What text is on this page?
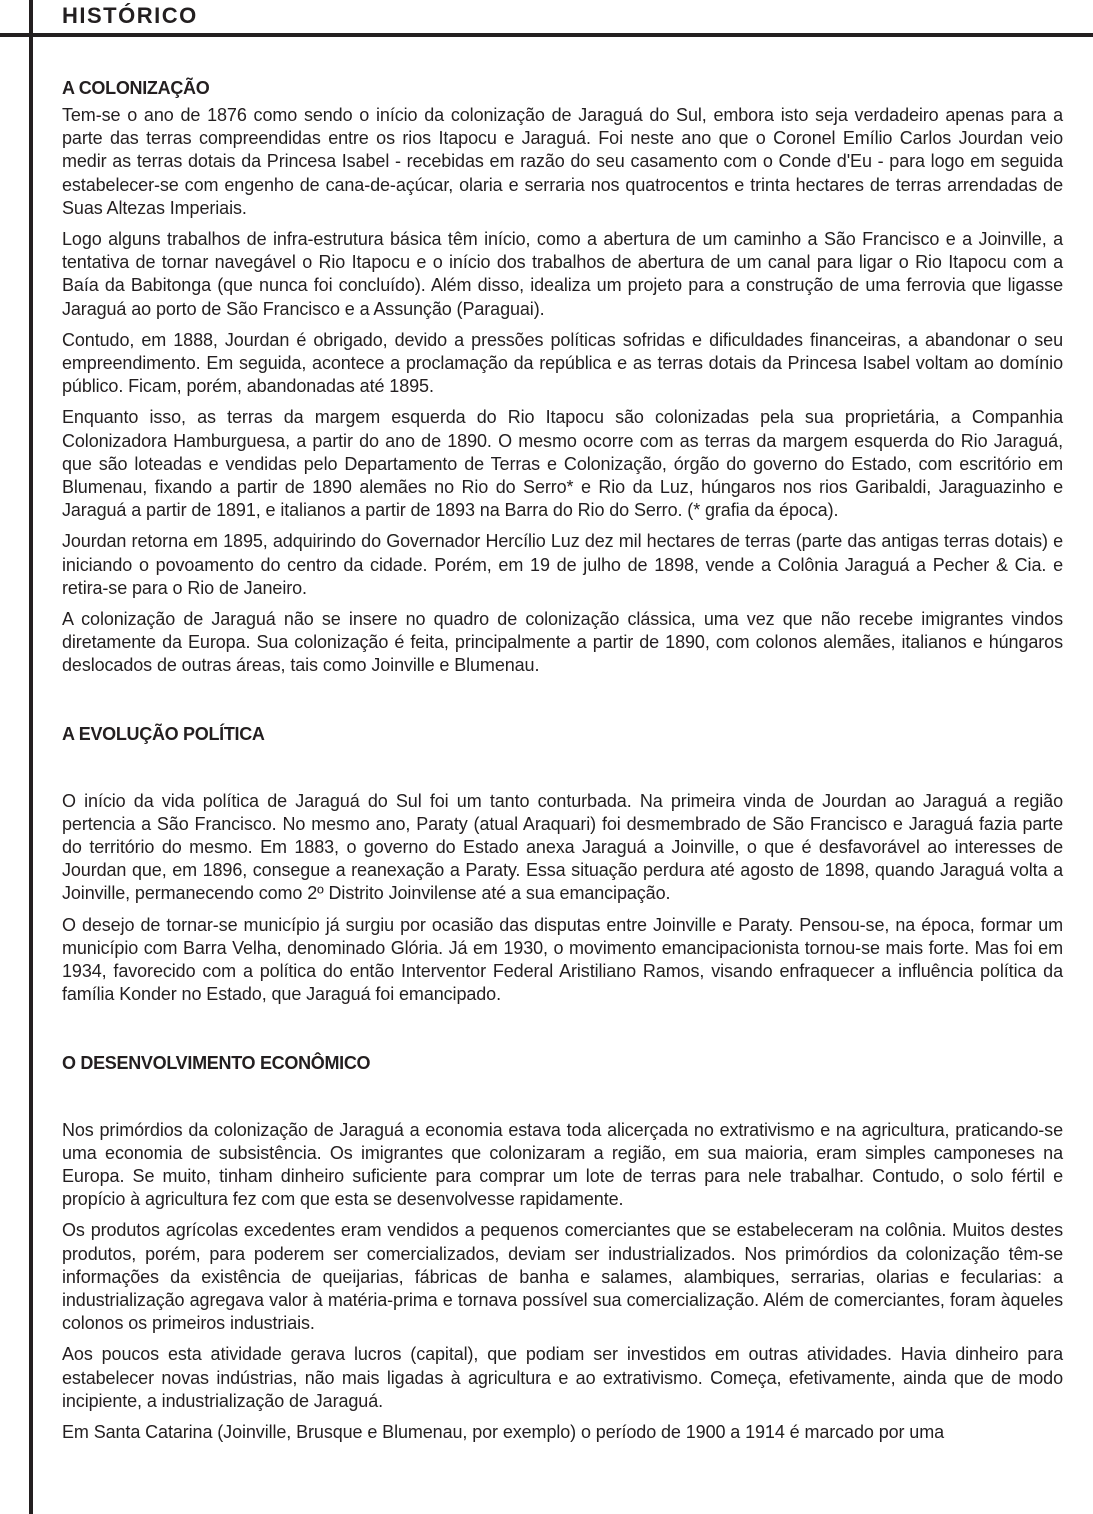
HISTÓRICO
A COLONIZAÇÃO

Tem-se o ano de 1876 como sendo o início da colonização de Jaraguá do Sul, embora isto seja verdadeiro apenas para a parte das terras compreendidas entre os rios Itapocu e Jaraguá. Foi neste ano que o Coronel Emílio Carlos Jourdan veio medir as terras dotais da Princesa Isabel - recebidas em razão do seu casamento com o Conde d'Eu - para logo em seguida estabelecer-se com engenho de cana-de-açúcar, olaria e serraria nos quatrocentos e trinta hectares de terras arrendadas de Suas Altezas Imperiais.

Logo alguns trabalhos de infra-estrutura básica têm início, como a abertura de um caminho a São Francisco e a Joinville, a tentativa de tornar navegável o Rio Itapocu e o início dos trabalhos de abertura de um canal para ligar o Rio Itapocu com a Baía da Babitonga (que nunca foi concluído). Além disso, idealiza um projeto para a construção de uma ferrovia que ligasse Jaraguá ao porto de São Francisco e a Assunção (Paraguai).

Contudo, em 1888, Jourdan é obrigado, devido a pressões políticas sofridas e dificuldades financeiras, a abandonar o seu empreendimento. Em seguida, acontece a proclamação da república e as terras dotais da Princesa Isabel voltam ao domínio público. Ficam, porém, abandonadas até 1895.

Enquanto isso, as terras da margem esquerda do Rio Itapocu são colonizadas pela sua proprietária, a Companhia Colonizadora Hamburguesa, a partir do ano de 1890. O mesmo ocorre com as terras da margem esquerda do Rio Jaraguá, que são loteadas e vendidas pelo Departamento de Terras e Colonização, órgão do governo do Estado, com escritório em Blumenau, fixando a partir de 1890 alemães no Rio do Serro* e Rio da Luz, húngaros nos rios Garibaldi, Jaraguazinho e Jaraguá a partir de 1891, e italianos a partir de 1893 na Barra do Rio do Serro. (* grafia da época).

Jourdan retorna em 1895, adquirindo do Governador Hercílio Luz dez mil hectares de terras (parte das antigas terras dotais) e iniciando o povoamento do centro da cidade. Porém, em 19 de julho de 1898, vende a Colônia Jaraguá a Pecher & Cia. e retira-se para o Rio de Janeiro.

A colonização de Jaraguá não se insere no quadro de colonização clássica, uma vez que não recebe imigrantes vindos diretamente da Europa. Sua colonização é feita, principalmente a partir de 1890, com colonos alemães, italianos e húngaros deslocados de outras áreas, tais como Joinville e Blumenau.

A EVOLUÇÃO POLÍTICA

O início da vida política de Jaraguá do Sul foi um tanto conturbada. Na primeira vinda de Jourdan ao Jaraguá a região pertencia a São Francisco. No mesmo ano, Paraty (atual Araquari) foi desmembrado de São Francisco e Jaraguá fazia parte do território do mesmo. Em 1883, o governo do Estado anexa Jaraguá a Joinville, o que é desfavorável ao interesses de Jourdan que, em 1896, consegue a reanexação a Paraty. Essa situação perdura até agosto de 1898, quando Jaraguá volta a Joinville, permanecendo como 2º Distrito Joinvilense até a sua emancipação.

O desejo de tornar-se município já surgiu por ocasião das disputas entre Joinville e Paraty. Pensou-se, na época, formar um município com Barra Velha, denominado Glória. Já em 1930, o movimento emancipacionista tornou-se mais forte. Mas foi em 1934, favorecido com a política do então Interventor Federal Aristiliano Ramos, visando enfraquecer a influência política da família Konder no Estado, que Jaraguá foi emancipado.

O DESENVOLVIMENTO ECONÔMICO

Nos primórdios da colonização de Jaraguá a economia estava toda alicerçada no extrativismo e na agricultura, praticando-se uma economia de subsistência. Os imigrantes que colonizaram a região, em sua maioria, eram simples camponeses na Europa. Se muito, tinham dinheiro suficiente para comprar um lote de terras para nele trabalhar. Contudo, o solo fértil e propício à agricultura fez com que esta se desenvolvesse rapidamente.

Os produtos agrícolas excedentes eram vendidos a pequenos comerciantes que se estabeleceram na colônia. Muitos destes produtos, porém, para poderem ser comercializados, deviam ser industrializados. Nos primórdios da colonização têm-se informações da existência de queijarias, fábricas de banha e salames, alambiques, serrarias, olarias e fecularias: a industrialização agregava valor à matéria-prima e tornava possível sua comercialização. Além de comerciantes, foram àqueles colonos os primeiros industriais.

Aos poucos esta atividade gerava lucros (capital), que podiam ser investidos em outras atividades. Havia dinheiro para estabelecer novas indústrias, não mais ligadas à agricultura e ao extrativismo. Começa, efetivamente, ainda que de modo incipiente, a industrialização de Jaraguá.

Em Santa Catarina (Joinville, Brusque e Blumenau, por exemplo) o período de 1900 a 1914 é marcado por uma
